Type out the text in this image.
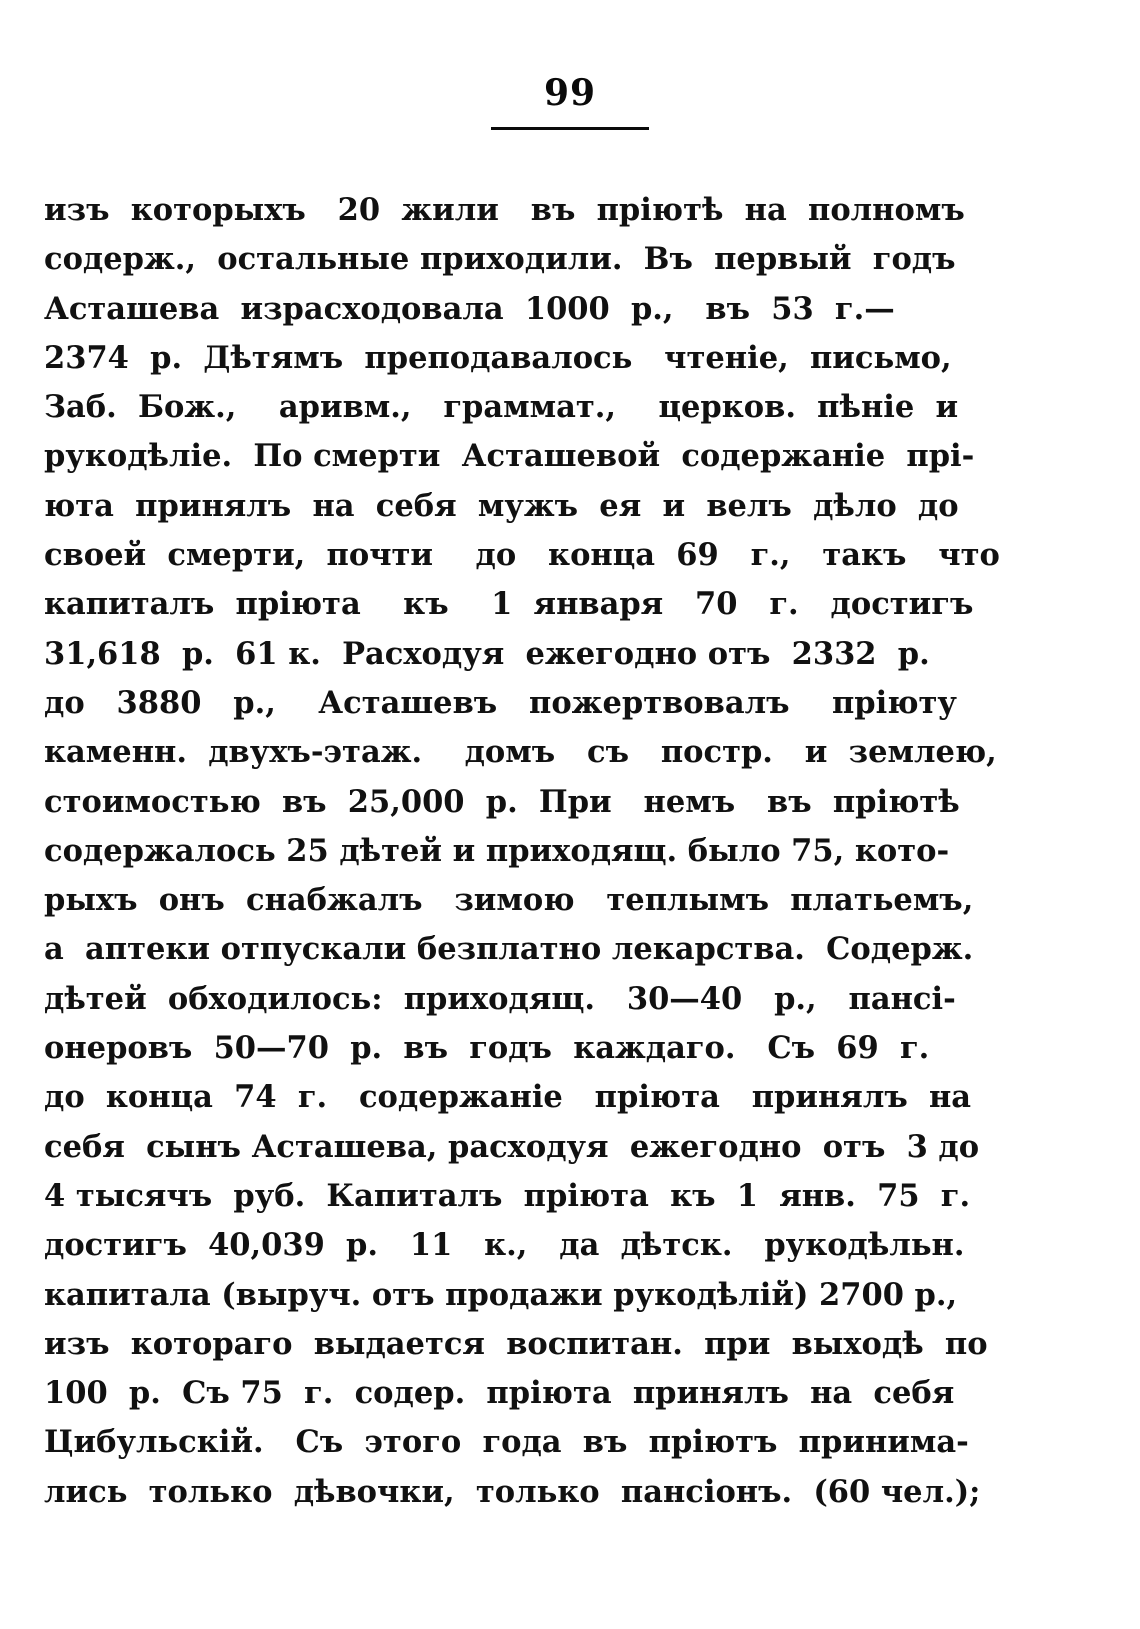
99
изъ  которыхъ   20  жили   въ  пріютѣ  на  полномъ
содерж.,  остальные приходили.  Въ  первый  годъ
Асташева  израсходовала  1000  р.,   въ  53  г.—
2374  р.  Дѣтямъ  преподавалось   чтеніе,  письмо,
Заб.  Бож.,    аривм.,   граммат.,    церков.  пѣніе  и
рукодѣліе.  По смерти  Асташевой  содержаніе  прі-
юта  принялъ  на  себя  мужъ  ея  и  велъ  дѣло  до
своей  смерти,  почти    до   конца  69   г.,   такъ   что
капиталъ  пріюта    къ    1  января   70   г.   достигъ
31,618  р.  61 к.  Расходуя  ежегодно отъ  2332  р.
до   3880   р.,    Асташевъ   пожертвовалъ    пріюту
каменн.  двухъ-этаж.    домъ   съ   постр.   и  землею,
стоимостью  въ  25,000  р.  При   немъ   въ  пріютѣ
содержалось 25 дѣтей и приходящ. было 75, кото-
рыхъ  онъ  снабжалъ   зимою   теплымъ  платьемъ,
а  аптеки отпускали безплатно лекарства.  Содерж.
дѣтей  обходилось:  приходящ.   30—40   р.,   пансі-
онеровъ  50—70  р.  въ  годъ  каждаго.   Съ  69  г.
до  конца  74  г.   содержаніе   пріюта   принялъ  на
себя  сынъ Асташева, расходуя  ежегодно  отъ  3 до
4 тысячъ  руб.  Капиталъ  пріюта  къ  1  янв.  75  г.
достигъ  40,039  р.   11   к.,   да  дѣтск.   рукодѣльн.
капитала (выруч. отъ продажи рукодѣлій) 2700 р.,
изъ  котораго  выдается  воспитан.  при  выходѣ  по
100  р.  Съ 75  г.  содер.  пріюта  принялъ  на  себя
Цибульскій.   Съ  этого  года  въ  пріютъ  принима-
лись  только  дѣвочки,  только  пансіонъ.  (60 чел.);
